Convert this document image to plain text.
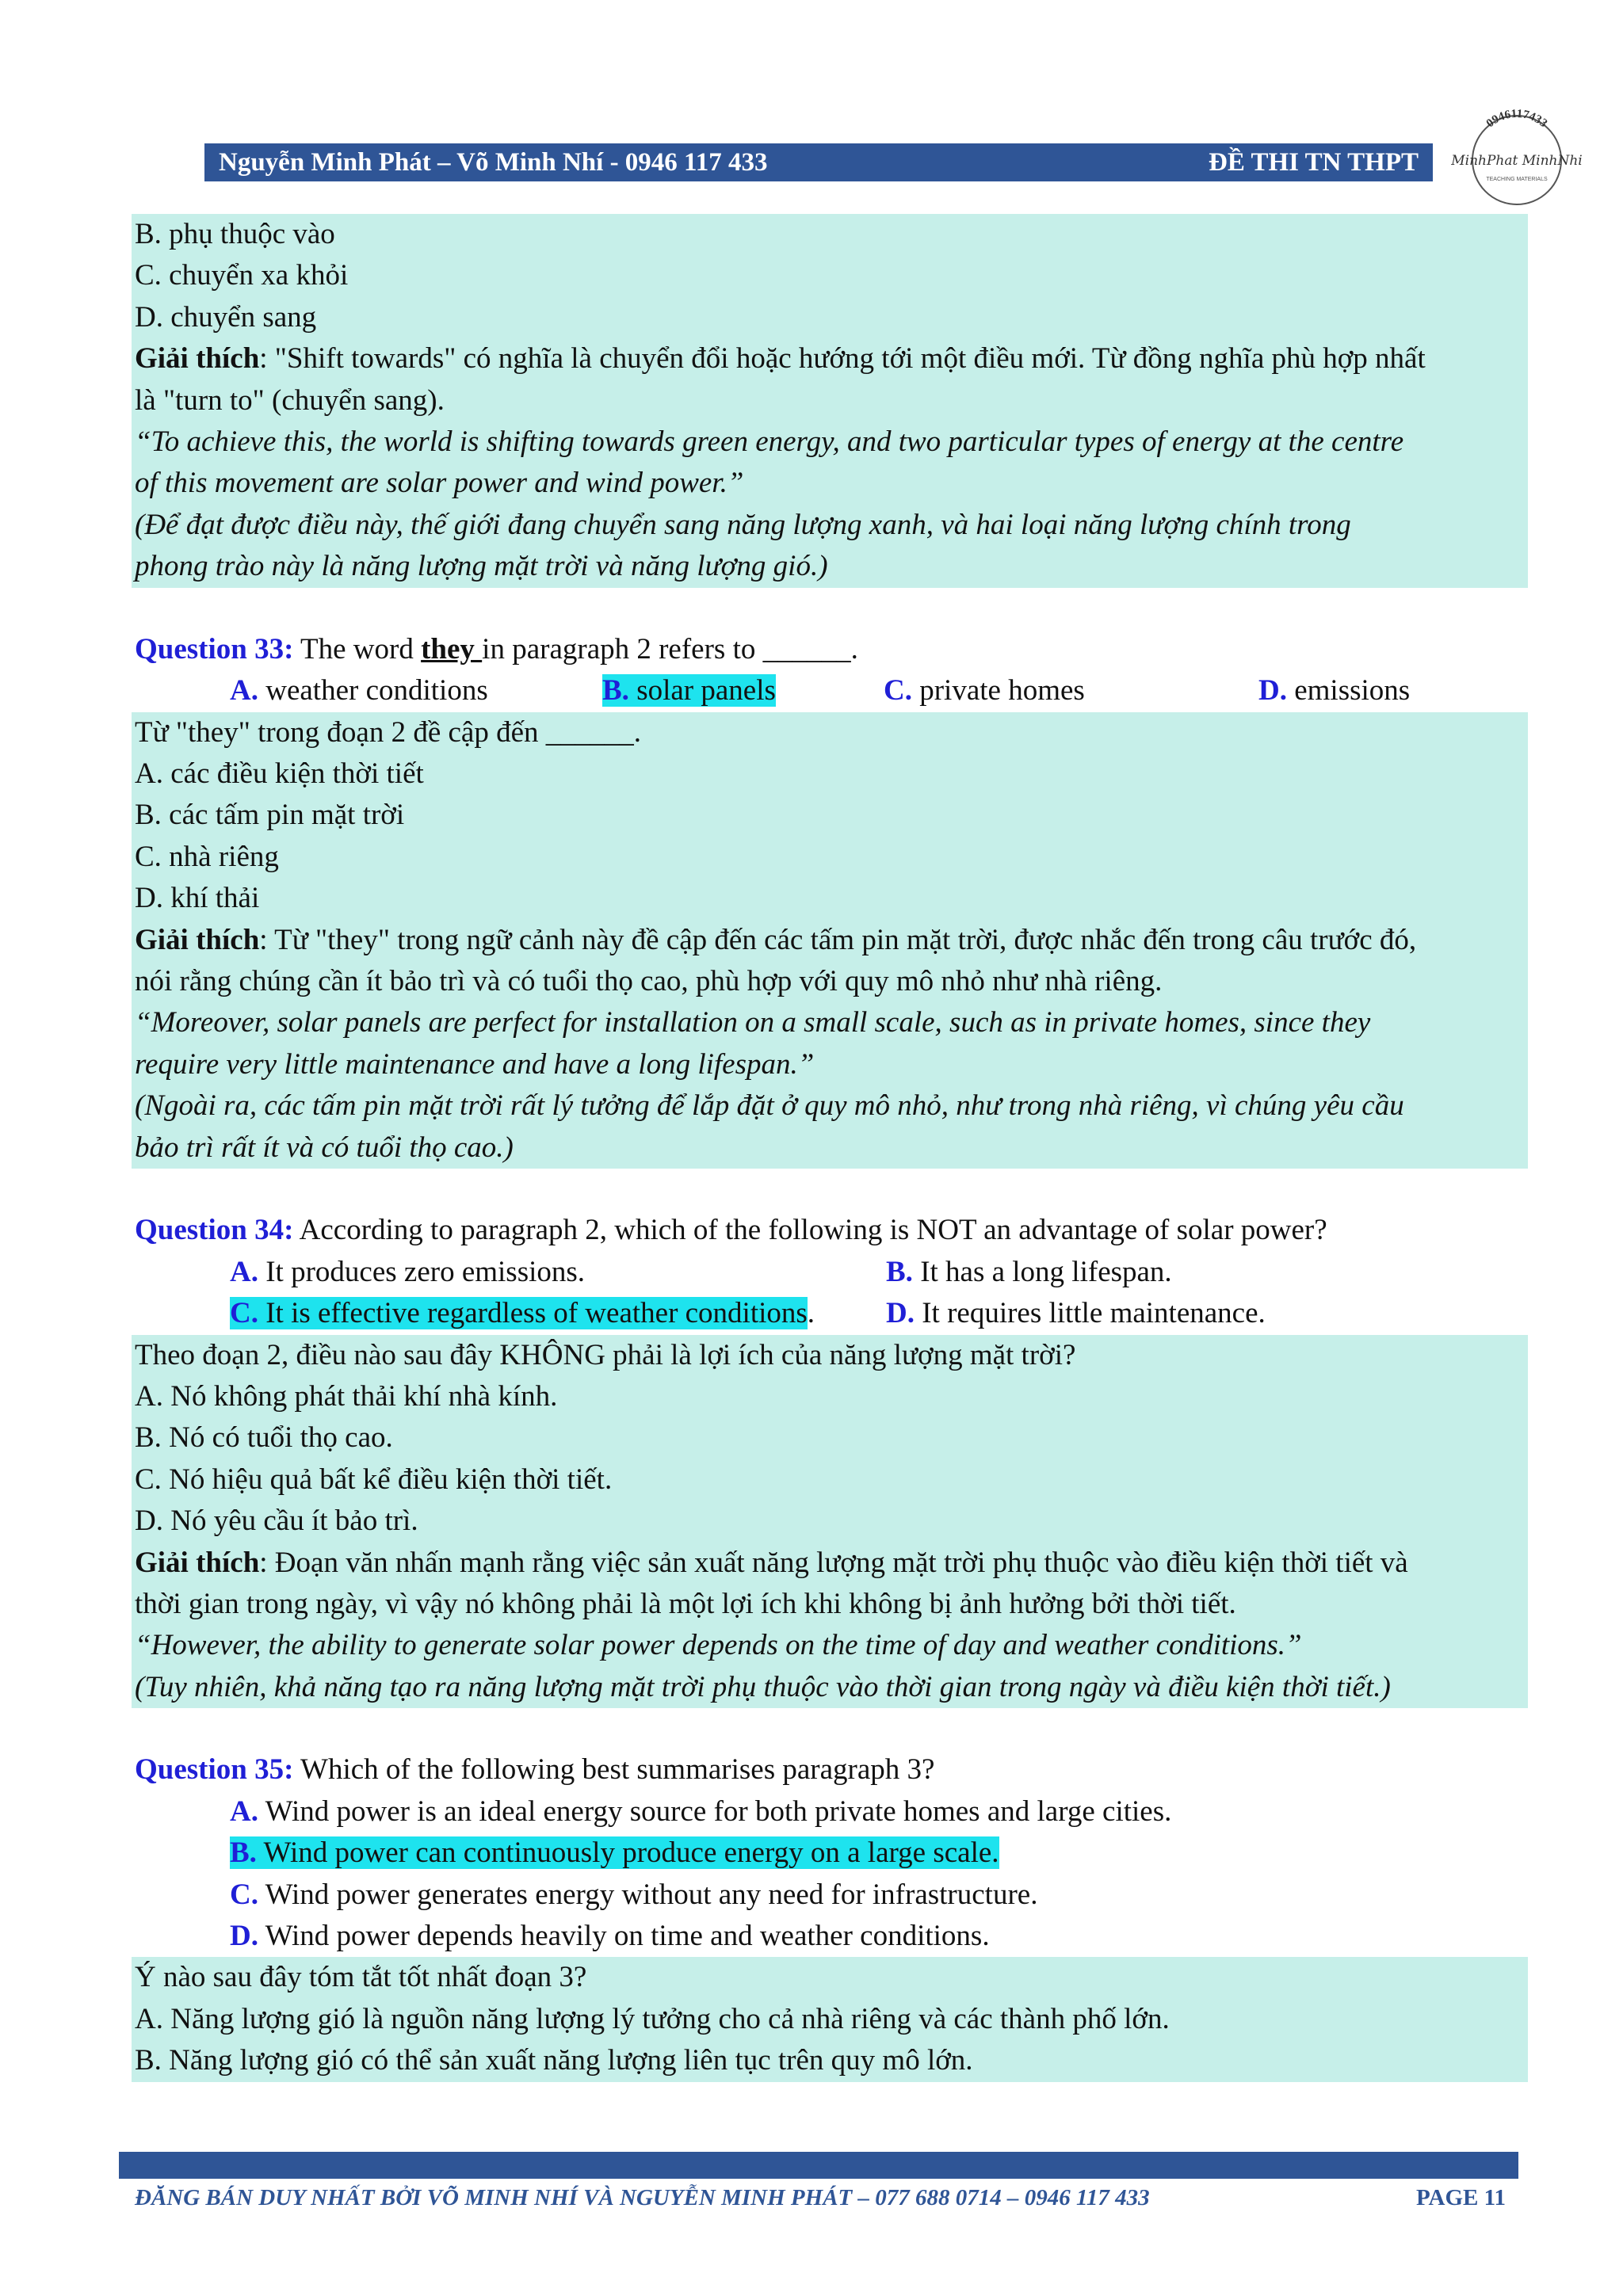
Nguyễn Minh Phát – Võ Minh Nhí - 0946 117 433	ĐỀ THI TN THPT
0946117433
MinhPhat MinhNhi
TEACHING MATERIALS
B. phụ thuộc vào
C. chuyển xa khỏi
D. chuyển sang
Giải thích: "Shift towards" có nghĩa là chuyển đổi hoặc hướng tới một điều mới. Từ đồng nghĩa phù hợp nhất
là "turn to" (chuyển sang).
“To achieve this, the world is shifting towards green energy, and two particular types of energy at the centre
of this movement are solar power and wind power.”
(Để đạt được điều này, thế giới đang chuyển sang năng lượng xanh, và hai loại năng lượng chính trong
phong trào này là năng lượng mặt trời và năng lượng gió.)
Question 33: The word they in paragraph 2 refers to ______.
A. weather conditions	B. solar panels	C. private homes	D. emissions
Từ "they" trong đoạn 2 đề cập đến ______.
A. các điều kiện thời tiết
B. các tấm pin mặt trời
C. nhà riêng
D. khí thải
Giải thích: Từ "they" trong ngữ cảnh này đề cập đến các tấm pin mặt trời, được nhắc đến trong câu trước đó,
nói rằng chúng cần ít bảo trì và có tuổi thọ cao, phù hợp với quy mô nhỏ như nhà riêng.
“Moreover, solar panels are perfect for installation on a small scale, such as in private homes, since they
require very little maintenance and have a long lifespan.”
(Ngoài ra, các tấm pin mặt trời rất lý tưởng để lắp đặt ở quy mô nhỏ, như trong nhà riêng, vì chúng yêu cầu
bảo trì rất ít và có tuổi thọ cao.)
Question 34: According to paragraph 2, which of the following is NOT an advantage of solar power?
A. It produces zero emissions.	B. It has a long lifespan.
C. It is effective regardless of weather conditions. D. It requires little maintenance.
Theo đoạn 2, điều nào sau đây KHÔNG phải là lợi ích của năng lượng mặt trời?
A. Nó không phát thải khí nhà kính.
B. Nó có tuổi thọ cao.
C. Nó hiệu quả bất kể điều kiện thời tiết.
D. Nó yêu cầu ít bảo trì.
Giải thích: Đoạn văn nhấn mạnh rằng việc sản xuất năng lượng mặt trời phụ thuộc vào điều kiện thời tiết và
thời gian trong ngày, vì vậy nó không phải là một lợi ích khi không bị ảnh hưởng bởi thời tiết.
“However, the ability to generate solar power depends on the time of day and weather conditions.”
(Tuy nhiên, khả năng tạo ra năng lượng mặt trời phụ thuộc vào thời gian trong ngày và điều kiện thời tiết.)
Question 35: Which of the following best summarises paragraph 3?
A. Wind power is an ideal energy source for both private homes and large cities.
B. Wind power can continuously produce energy on a large scale.
C. Wind power generates energy without any need for infrastructure.
D. Wind power depends heavily on time and weather conditions.
Ý nào sau đây tóm tắt tốt nhất đoạn 3?
A. Năng lượng gió là nguồn năng lượng lý tưởng cho cả nhà riêng và các thành phố lớn.
B. Năng lượng gió có thể sản xuất năng lượng liên tục trên quy mô lớn.
ĐĂNG BÁN DUY NHẤT BỞI VÕ MINH NHÍ VÀ NGUYỄN MINH PHÁT – 077 688 0714 – 0946 117 433	PAGE 11
